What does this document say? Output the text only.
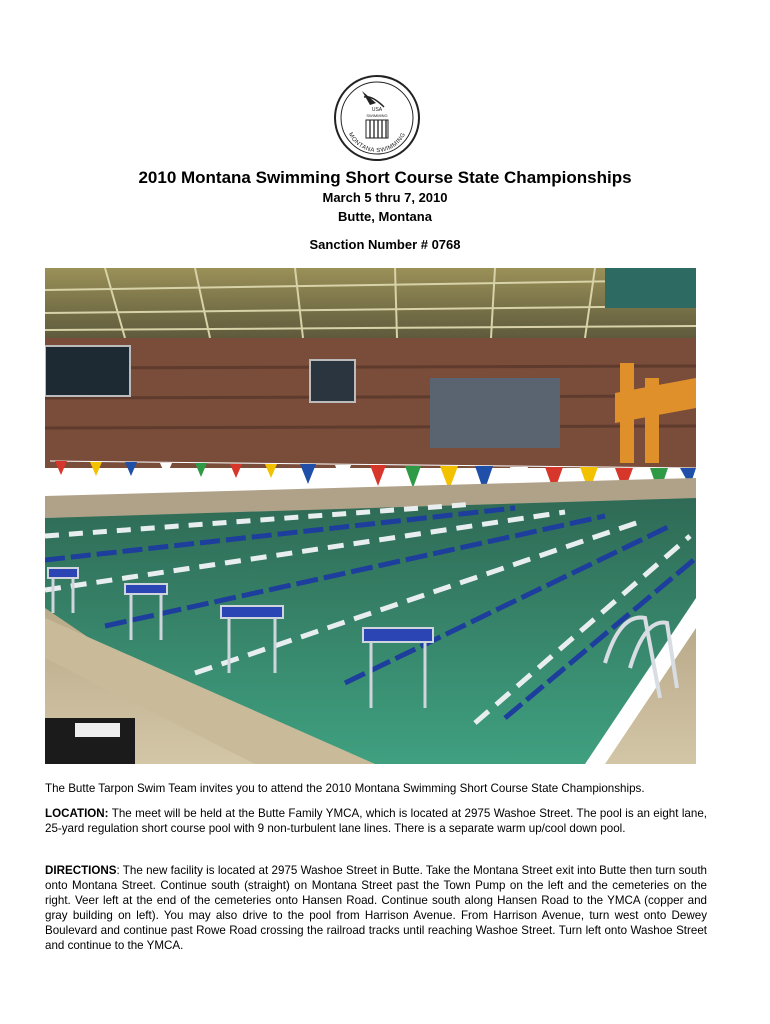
USA
SWIMMING
MONTANA SWIMMING
2010 Montana Swimming Short Course State Championships
March 5 thru 7, 2010
Butte, Montana
Sanction Number # 0768
The Butte Tarpon Swim Team invites you to attend the 2010 Montana Swimming Short Course State Championships.
LOCATION: The meet will be held at the Butte Family YMCA, which is located at 2975 Washoe Street. The pool is an eight lane, 25-yard regulation short course pool with 9 non-turbulent lane lines. There is a separate warm up/cool down pool.
DIRECTIONS: The new facility is located at 2975 Washoe Street in Butte. Take the Montana Street exit into Butte then turn south onto Montana Street. Continue south (straight) on Montana Street past the Town Pump on the left and the cemeteries on the right. Veer left at the end of the cemeteries onto Hansen Road. Continue south along Hansen Road to the YMCA (copper and gray building on left). You may also drive to the pool from Harrison Avenue. From Harrison Avenue, turn west onto Dewey Boulevard and continue past Rowe Road crossing the railroad tracks until reaching Washoe Street. Turn left onto Washoe Street and continue to the YMCA.
